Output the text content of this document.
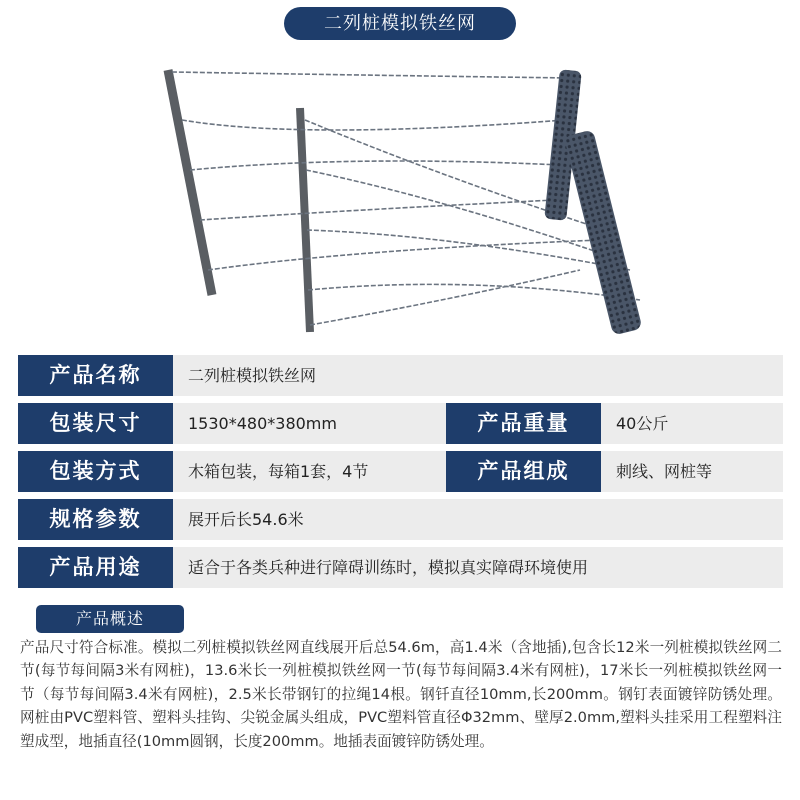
二列桩模拟铁丝网
产品名称	二列桩模拟铁丝网
包装尺寸	1530*480*380mm	产品重量	40公斤
包装方式	木箱包装，每箱1套，4节	产品组成	刺线、网桩等
规格参数	展开后长54.6米
产品用途	适合于各类兵种进行障碍训练时，模拟真实障碍环境使用
产品概述
产品尺寸符合标准。模拟二列桩模拟铁丝网直线展开后总54.6m，高1.4米（含地插),包含长12米一列桩模拟铁丝网二节(每节每间隔3米有网桩)，13.6米长一列桩模拟铁丝网一节(每节每间隔3.4米有网桩)，17米长一列桩模拟铁丝网一节（每节每间隔3.4米有网桩)，2.5米长带钢钉的拉绳14根。钢钎直径10mm,长200mm。钢钉表面镀锌防锈处理。网桩由PVC塑料管、塑料头挂钩、尖锐金属头组成，PVC塑料管直径Φ32mm、壁厚2.0mm,塑料头挂采用工程塑料注塑成型，地插直径(10mm圆钢，长度200mm。地插表面镀锌防锈处理。
